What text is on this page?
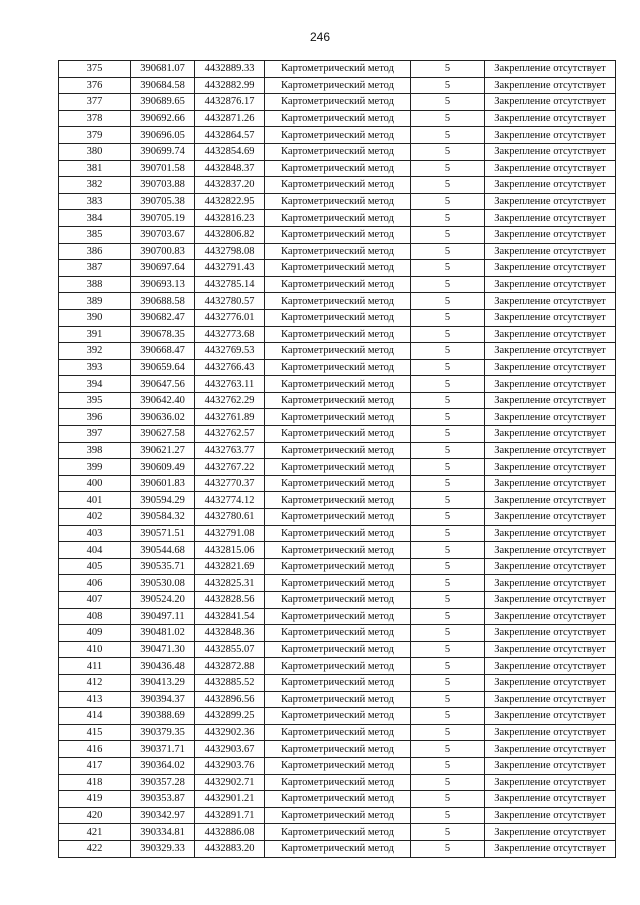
246
375	390681.07	4432889.33	Картометрический метод	5	Закрепление отсутствует
376	390684.58	4432882.99	Картометрический метод	5	Закрепление отсутствует
377	390689.65	4432876.17	Картометрический метод	5	Закрепление отсутствует
378	390692.66	4432871.26	Картометрический метод	5	Закрепление отсутствует
379	390696.05	4432864.57	Картометрический метод	5	Закрепление отсутствует
380	390699.74	4432854.69	Картометрический метод	5	Закрепление отсутствует
381	390701.58	4432848.37	Картометрический метод	5	Закрепление отсутствует
382	390703.88	4432837.20	Картометрический метод	5	Закрепление отсутствует
383	390705.38	4432822.95	Картометрический метод	5	Закрепление отсутствует
384	390705.19	4432816.23	Картометрический метод	5	Закрепление отсутствует
385	390703.67	4432806.82	Картометрический метод	5	Закрепление отсутствует
386	390700.83	4432798.08	Картометрический метод	5	Закрепление отсутствует
387	390697.64	4432791.43	Картометрический метод	5	Закрепление отсутствует
388	390693.13	4432785.14	Картометрический метод	5	Закрепление отсутствует
389	390688.58	4432780.57	Картометрический метод	5	Закрепление отсутствует
390	390682.47	4432776.01	Картометрический метод	5	Закрепление отсутствует
391	390678.35	4432773.68	Картометрический метод	5	Закрепление отсутствует
392	390668.47	4432769.53	Картометрический метод	5	Закрепление отсутствует
393	390659.64	4432766.43	Картометрический метод	5	Закрепление отсутствует
394	390647.56	4432763.11	Картометрический метод	5	Закрепление отсутствует
395	390642.40	4432762.29	Картометрический метод	5	Закрепление отсутствует
396	390636.02	4432761.89	Картометрический метод	5	Закрепление отсутствует
397	390627.58	4432762.57	Картометрический метод	5	Закрепление отсутствует
398	390621.27	4432763.77	Картометрический метод	5	Закрепление отсутствует
399	390609.49	4432767.22	Картометрический метод	5	Закрепление отсутствует
400	390601.83	4432770.37	Картометрический метод	5	Закрепление отсутствует
401	390594.29	4432774.12	Картометрический метод	5	Закрепление отсутствует
402	390584.32	4432780.61	Картометрический метод	5	Закрепление отсутствует
403	390571.51	4432791.08	Картометрический метод	5	Закрепление отсутствует
404	390544.68	4432815.06	Картометрический метод	5	Закрепление отсутствует
405	390535.71	4432821.69	Картометрический метод	5	Закрепление отсутствует
406	390530.08	4432825.31	Картометрический метод	5	Закрепление отсутствует
407	390524.20	4432828.56	Картометрический метод	5	Закрепление отсутствует
408	390497.11	4432841.54	Картометрический метод	5	Закрепление отсутствует
409	390481.02	4432848.36	Картометрический метод	5	Закрепление отсутствует
410	390471.30	4432855.07	Картометрический метод	5	Закрепление отсутствует
411	390436.48	4432872.88	Картометрический метод	5	Закрепление отсутствует
412	390413.29	4432885.52	Картометрический метод	5	Закрепление отсутствует
413	390394.37	4432896.56	Картометрический метод	5	Закрепление отсутствует
414	390388.69	4432899.25	Картометрический метод	5	Закрепление отсутствует
415	390379.35	4432902.36	Картометрический метод	5	Закрепление отсутствует
416	390371.71	4432903.67	Картометрический метод	5	Закрепление отсутствует
417	390364.02	4432903.76	Картометрический метод	5	Закрепление отсутствует
418	390357.28	4432902.71	Картометрический метод	5	Закрепление отсутствует
419	390353.87	4432901.21	Картометрический метод	5	Закрепление отсутствует
420	390342.97	4432891.71	Картометрический метод	5	Закрепление отсутствует
421	390334.81	4432886.08	Картометрический метод	5	Закрепление отсутствует
422	390329.33	4432883.20	Картометрический метод	5	Закрепление отсутствует
